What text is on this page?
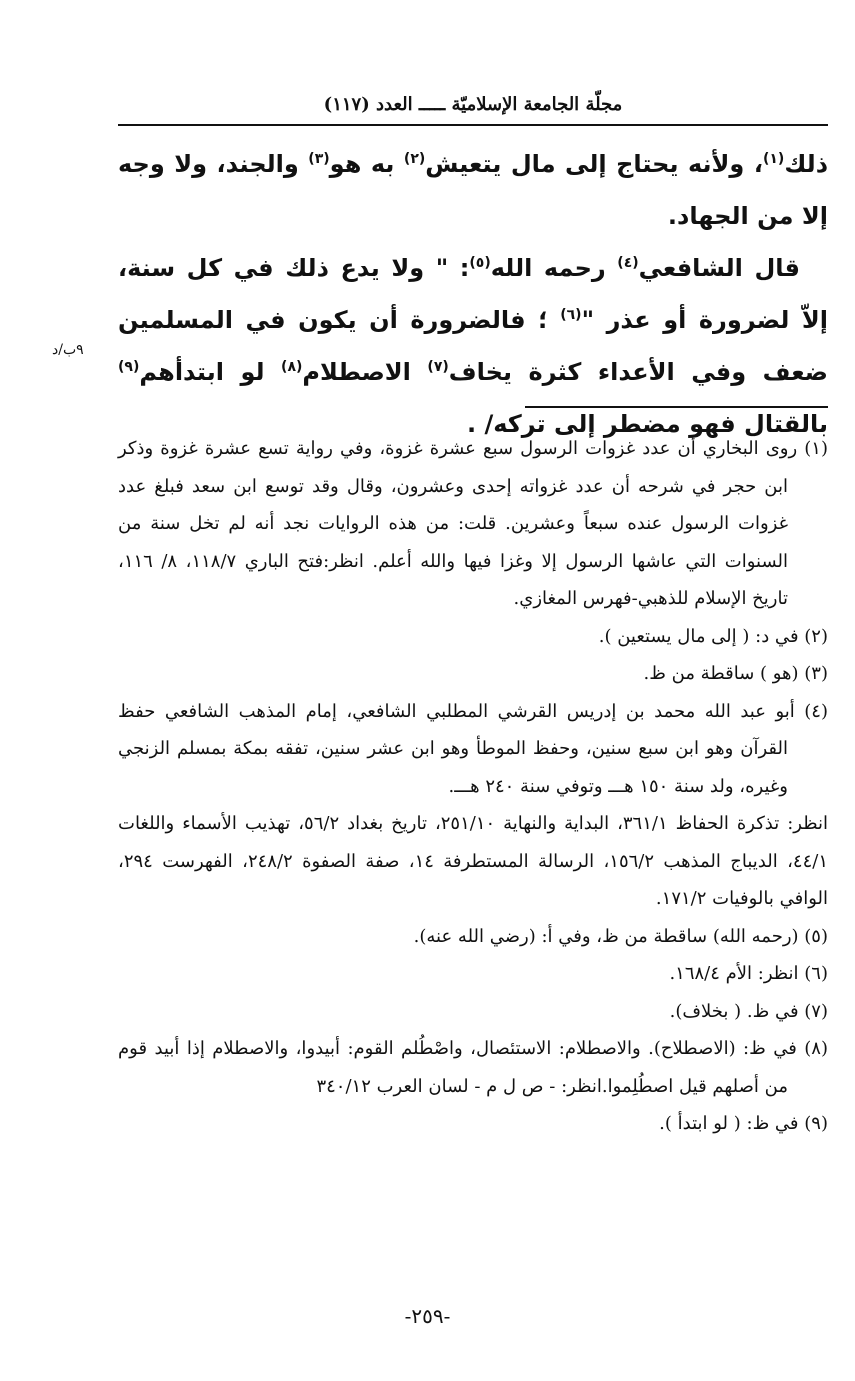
مجلّة الجامعة الإسلاميّة ـــــ العدد (١١٧)
٩ب/د

ذلك$^{(١)}$، ولأنه يحتاج إلى مال يتعيش$^{(٢)}$ به هو$^{(٣)}$ والجند، ولا وجه إلا من الجهاد.

قال الشافعي$^{(٤)}$ رحمه الله$^{(٥)}$: " ولا يدع ذلك في كل سنة، إلاّ لضرورة أو عذر "$^{(٦)}$ ؛ فالضرورة أن يكون في المسلمين ضعف وفي الأعداء كثرة يخاف$^{(٧)}$ الاصطلام$^{(٨)}$ لو ابتدأهم$^{(٩)}$ بالقتال فهو مضطر إلى تركه/ .

(١) روى البخاري أن عدد غزوات الرسول سبع عشرة غزوة، وفي رواية تسع عشرة غزوة وذكر ابن حجر في شرحه أن عدد غزواته إحدى وعشرون، وقال وقد توسع ابن سعد فبلغ عدد غزوات الرسول عنده سبعاً وعشرين. قلت: من هذه الروايات نجد أنه لم تخل سنة من السنوات التي عاشها الرسول إلا وغزا فيها والله أعلم. انظر:فتح الباري ١١٨/٧، ٨/ ١١٦، تاريخ الإسلام للذهبي-فهرس المغازي.

(٢) في د: ( إلى مال يستعين ).

(٣) (هو ) ساقطة من ظ.

(٤) أبو عبد الله محمد بن إدريس القرشي المطلبي الشافعي، إمام المذهب الشافعي حفظ القرآن وهو ابن سبع سنين، وحفظ الموطأ وهو ابن عشر سنين، تفقه بمكة بمسلم الزنجي وغيره، ولد سنة ١٥٠ هـــ وتوفي سنة ٢٤٠ هـــ.

انظر: تذكرة الحفاظ ٣٦١/١، البداية والنهاية ٢٥١/١٠، تاريخ بغداد ٥٦/٢، تهذيب الأسماء واللغات ٤٤/١، الديباج المذهب ١٥٦/٢، الرسالة المستطرفة ١٤، صفة الصفوة ٢٤٨/٢، الفهرست ٢٩٤، الوافي بالوفيات ١٧١/٢.

(٥) (رحمه الله) ساقطة من ظ، وفي أ: (رضي الله عنه).

(٦) انظر: الأم ١٦٨/٤.

(٧) في ظ. ( بخلاف).

(٨) في ظ: (الاصطلاح). والاصطلام: الاستئصال، واصْطُلم القوم: أبيدوا، والاصطلام إذا أبيد قوم من أصلهم قيل اصطُلِموا.انظر: - ص ل م - لسان العرب ٣٤٠/١٢

(٩) في ظ: ( لو ابتدأ ).

-٢٥٩-
